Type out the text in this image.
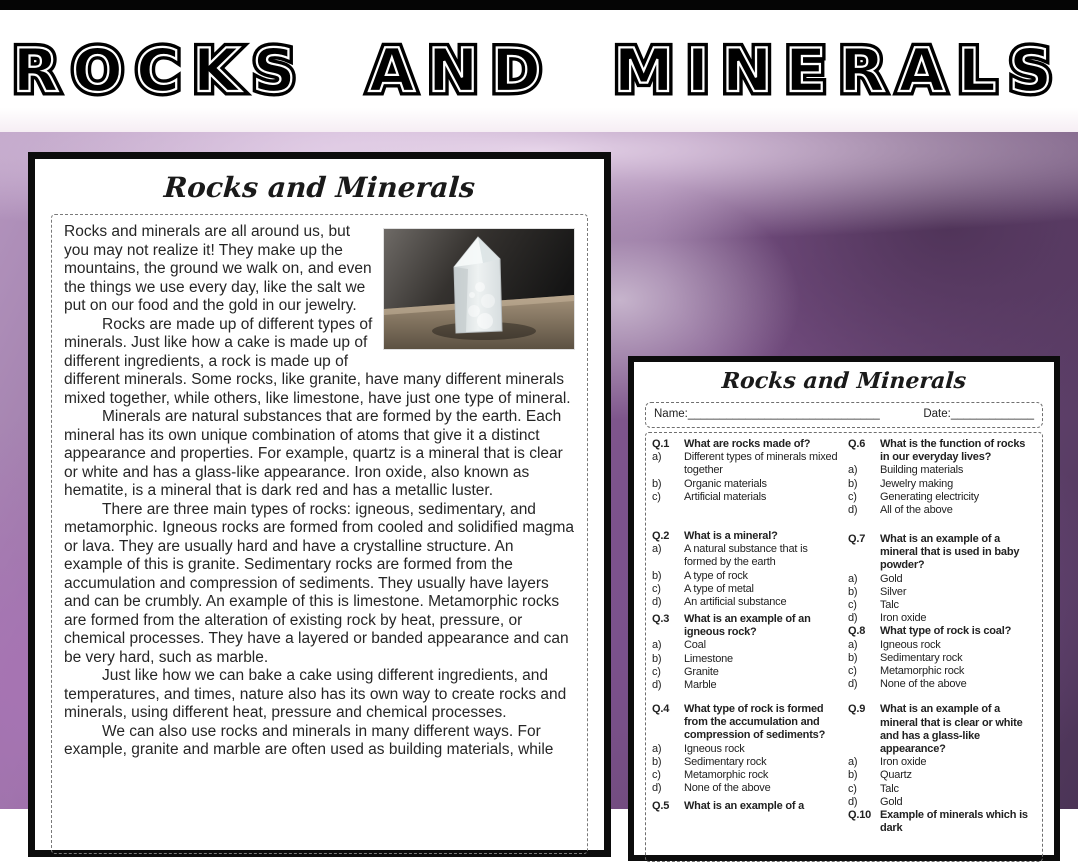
ROCKS AND MINERALS ROCKS AND MINERALS
Rocks and Minerals

Rocks and minerals are all around us, but you may not realize it! They make up the mountains, the ground we walk on, and even the things we use every day, like the salt we put on our food and the gold in our jewelry.

Rocks are made up of different types of minerals. Just like how a cake is made up of different ingredients, a rock is made up of different minerals. Some rocks, like granite, have many different minerals mixed together, while others, like limestone, have just one type of mineral.

Minerals are natural substances that are formed by the earth. Each mineral has its own unique combination of atoms that give it a distinct appearance and properties. For example, quartz is a mineral that is clear or white and has a glass-like appearance. Iron oxide, also known as hematite, is a mineral that is dark red and has a metallic luster.

There are three main types of rocks: igneous, sedimentary, and metamorphic. Igneous rocks are formed from cooled and solidified magma or lava. They are usually hard and have a crystalline structure. An example of this is granite. Sedimentary rocks are formed from the accumulation and compression of sediments. They usually have layers and can be crumbly. An example of this is limestone. Metamorphic rocks are formed from the alteration of existing rock by heat, pressure, or chemical processes. They have a layered or banded appearance and can be very hard, such as marble.

Just like how we can bake a cake using different ingredients, and temperatures, and times, nature also has its own way to create rocks and minerals, using different heat, pressure and chemical processes.

We can also use rocks and minerals in many different ways. For example, granite and marble are often used as building materials, while

Rocks and Minerals
Name:______________________________	Date:_____________
Q.1	What are rocks made of?
a)	Different types of minerals mixed together
b)	Organic materials
c)	Artificial materials
Q.2	What is a mineral?
a)	A natural substance that is formed by the earth
b)	A type of rock
c)	A type of metal
d)	An artificial substance
Q.3	What is an example of an igneous rock?
a)	Coal
b)	Limestone
c)	Granite
d)	Marble
Q.4	What type of rock is formed from the accumulation and compression of sediments?
a)	Igneous rock
b)	Sedimentary rock
c)	Metamorphic rock
d)	None of the above
Q.5	What is an example of a
Q.6	What is the function of rocks in our everyday lives?
a)	Building materials
b)	Jewelry making
c)	Generating electricity
d)	All of the above
Q.7	What is an example of a mineral that is used in baby powder?
a)	Gold
b)	Silver
c)	Talc
d)	Iron oxide
Q.8	What type of rock is coal?
a)	Igneous rock
b)	Sedimentary rock
c)	Metamorphic rock
d)	None of the above
Q.9	What is an example of a mineral that is clear or white and has a glass-like appearance?
a)	Iron oxide
b)	Quartz
c)	Talc
d)	Gold
Q.10 Example of minerals which is dark
